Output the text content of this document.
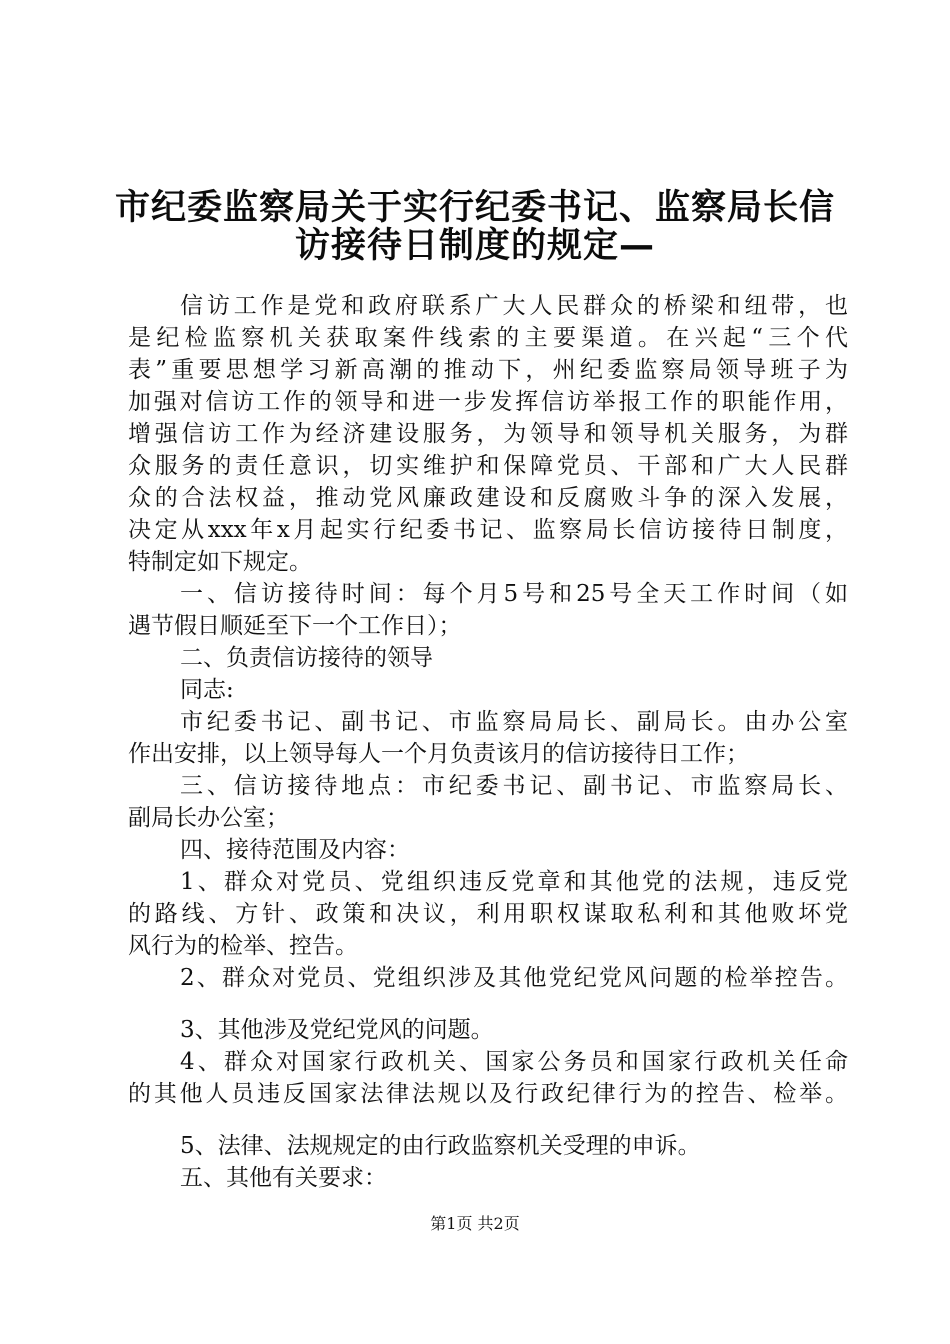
市纪委监察局关于实行纪委书记、监察局长信
访接待日制度的规定—
信访工作是党和政府联系广大人民群众的桥梁和纽带，也
是纪检监察机关获取案件线索的主要渠道。在兴起“三个代
表”重要思想学习新高潮的推动下，州纪委监察局领导班子为
加强对信访工作的领导和进一步发挥信访举报工作的职能作用，
增强信访工作为经济建设服务，为领导和领导机关服务，为群
众服务的责任意识，切实维护和保障党员、干部和广大人民群
众的合法权益，推动党风廉政建设和反腐败斗争的深入发展，
决定从xxx年x月起实行纪委书记、监察局长信访接待日制度，
特制定如下规定。
一、信访接待时间：每个月5号和25号全天工作时间（如
遇节假日顺延至下一个工作日）；
二、负责信访接待的领导
同志:
市纪委书记、副书记、市监察局局长、副局长。由办公室
作出安排，以上领导每人一个月负责该月的信访接待日工作；
三、信访接待地点：市纪委书记、副书记、市监察局长、
副局长办公室；
四、接待范围及内容：
1、群众对党员、党组织违反党章和其他党的法规，违反党
的路线、方针、政策和决议，利用职权谋取私利和其他败坏党
风行为的检举、控告。
2、群众对党员、党组织涉及其他党纪党风问题的检举控告。
3、其他涉及党纪党风的问题。
4、群众对国家行政机关、国家公务员和国家行政机关任命
的其他人员违反国家法律法规以及行政纪律行为的控告、检举。
5、法律、法规规定的由行政监察机关受理的申诉。
五、其他有关要求：
第1页 共2页
